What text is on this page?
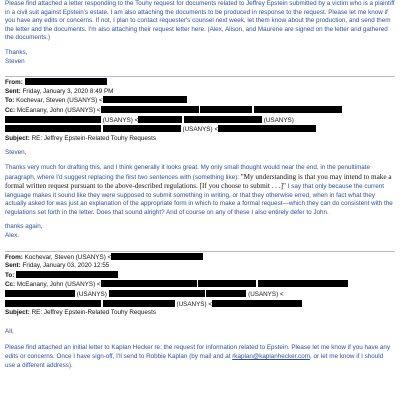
Please find attached a letter responding to the Touhy request for documents related to Jeffrey Epstein submitted by a victim who is a plaintiff in a civil suit against Epstein's estate. I am also attaching the documents to be produced in response to the request. Please let me know if you have any edits or concerns. If not, I plan to contact requester's counsel next week, let them know about the production, and send them the letter and the documents. I'm also attaching their request letter here. (Alex, Alison, and Maurene are signed on the letter and gathered the documents.)

Thanks,

Steven

From:

Sent: Friday, January 3, 2020 8:49 PM

To: Kochevar, Steven (USANYS) <

Cc: McEanany, John (USANYS) <

(USANYS) <	(USANYS)

(USANYS) <

Subject: RE: Jeffrey Epstein-Related Touhy Requests

Steven,

Thanks very much for drafting this, and I think generally it looks great. My only small thought would near the end, in the penultimate paragraph, where I'd suggest replacing the first two sentences with (something like): "My understanding is that you may intend to make a formal written request pursuant to the above-described regulations. [If you choose to submit . . .]" I say that only because the current language makes it sound like they were supposed to submit something in writing, or that they otherwise erred, when in fact what they actually asked for was just an explanation of the appropriate form in which to make a formal request—which they can do consistent with the regulations set forth in the letter. Does that sound alright? And of course on any of these I also entirely defer to John.

thanks again,

Alex.

From: Kochevar, Steven (USANYS) <

Sent: Friday, January 03, 2020 12:55

To:

Cc: McEanany, John (USANYS) <

(USANYS)	(USANYS) <

(USANYS) <

Subject: RE: Jeffrey Epstein-Related Touhy Requests

All,

Please find attached an initial letter to Kaplan Hecker re: the request for information related to Epstein. Please let me know if you have any edits or concerns. Once I have sign-off, I'll send to Robbie Kaplan (by mail and at rkaplan@kaplanhecker.com, or let me know if I should use a different address).
